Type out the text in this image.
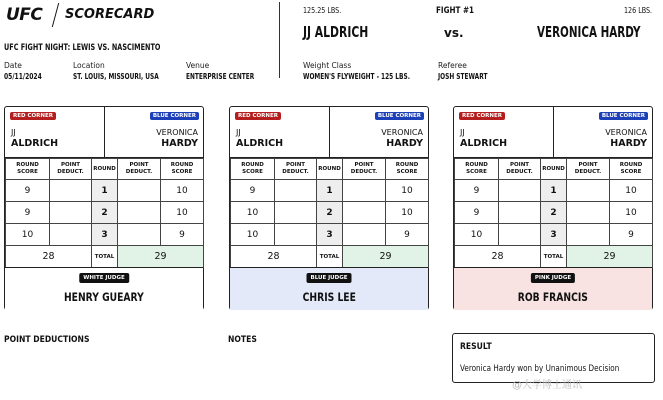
UFC SCORECARD
UFC FIGHT NIGHT: LEWIS VS. NASCIMENTO
Date
05/11/2024
Location
ST. LOUIS, MISSOURI, USA
Venue
ENTERPRISE CENTER
125.25 LBS.	FIGHT #1	126 LBS.
JJ ALDRICH	vs.	VERONICA HARDY
Weight Class
WOMEN'S FLYWEIGHT - 125 LBS.
Referee
JOSH STEWART
RED CORNER
JJ
ALDRICH
BLUE CORNER
VERONICA
HARDY
ROUND SCORE	POINT DEDUCT.	ROUND	POINT DEDUCT.	ROUND SCORE
9		1		10
9		2		10
10		3		9
28		TOTAL	29	
WHITE JUDGE
HENRY GUEARY
RED CORNER
JJ
ALDRICH
BLUE CORNER
VERONICA
HARDY
ROUND SCORE	POINT DEDUCT.	ROUND	POINT DEDUCT.	ROUND SCORE
9		1		10
10		2		10
10		3		9
28		TOTAL	29	
BLUE JUDGE
CHRIS LEE
RED CORNER
JJ
ALDRICH
BLUE CORNER
VERONICA
HARDY
ROUND SCORE	POINT DEDUCT.	ROUND	POINT DEDUCT.	ROUND SCORE
9		1		10
9		2		10
10		3		9
28		TOTAL	29	
PINK JUDGE
ROB FRANCIS
POINT DEDUCTIONS	NOTES
RESULT
Veronica Hardy won by Unanimous Decision
@大学博士通讯
